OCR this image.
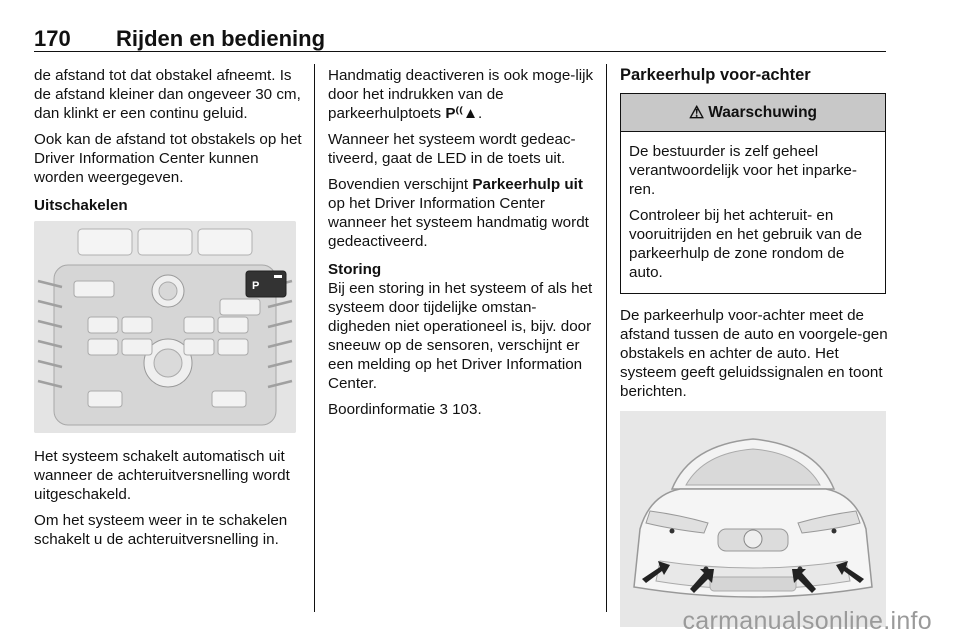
170 Rijden en bediening

de afstand tot dat obstakel afneemt. Is de afstand kleiner dan ongeveer 30 cm, dan klinkt er een continu geluid.

Ook kan de afstand tot obstakels op het Driver Information Center kunnen worden weergegeven.

Uitschakelen
P

Het systeem schakelt automatisch uit wanneer de achteruitversnelling wordt uitgeschakeld.

Om het systeem weer in te schakelen schakelt u de achteruitversnelling in.

Handmatig deactiveren is ook moge-lijk door het indrukken van de parkeerhulptoets P⁽⁽▲.

Wanneer het systeem wordt gedeac-tiveerd, gaat de LED in de toets uit.

Bovendien verschijnt Parkeerhulp uit op het Driver Information Center wanneer het systeem handmatig wordt gedeactiveerd.

Storing

Bij een storing in het systeem of als het systeem door tijdelijke omstan-digheden niet operationeel is, bijv. door sneeuw op de sensoren, verschijnt er een melding op het Driver Information Center.

Boordinformatie 3 103.

Parkeerhulp voor-achter
⚠ Waarschuwing

De bestuurder is zelf geheel verantwoordelijk voor het inparke-ren.

Controleer bij het achteruit- en vooruitrijden en het gebruik van de parkeerhulp de zone rondom de auto.

De parkeerhulp voor-achter meet de afstand tussen de auto en voorgele-gen obstakels en achter de auto. Het systeem geeft geluidssignalen en toont berichten.

carmanualsonline.info
